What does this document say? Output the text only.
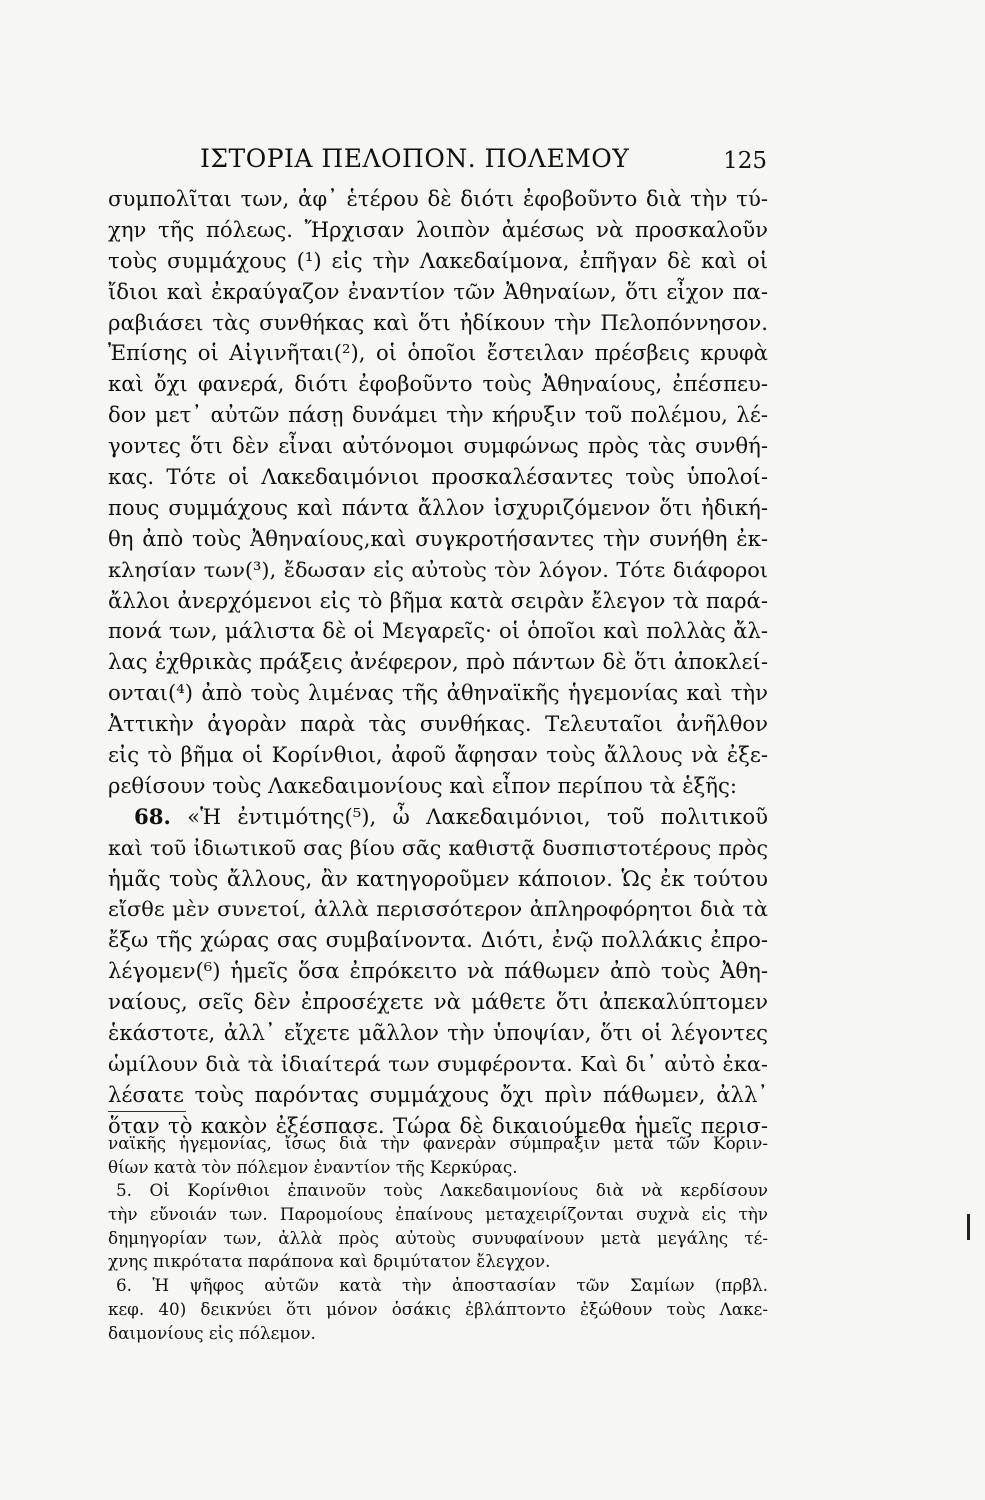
ΙΣΤΟΡΙΑ ΠΕΛΟΠΟΝ. ΠΟΛΕΜΟΥ	125
συμπολῖται των, ἀφ᾽ ἑτέρου δὲ διότι ἐφοβοῦντο διὰ τὴν τύ-
χην τῆς πόλεως. Ἤρχισαν λοιπὸν ἀμέσως νὰ προσκαλοῦν
τοὺς συμμάχους (¹) εἰς τὴν Λακεδαίμονα, ἐπῆγαν δὲ καὶ οἱ
ἴδιοι καὶ ἐκραύγαζον ἐναντίον τῶν Ἀθηναίων, ὅτι εἶχον πα-
ραβιάσει τὰς συνθήκας καὶ ὅτι ἠδίκουν τὴν Πελοπόννησον.
Ἐπίσης οἱ Αἰγινῆται(²), οἱ ὁποῖοι ἔστειλαν πρέσβεις κρυφὰ
καὶ ὄχι φανερά, διότι ἐφοβοῦντο τοὺς Ἀθηναίους, ἐπέσπευ-
δον μετ᾽ αὐτῶν πάσῃ δυνάμει τὴν κήρυξιν τοῦ πολέμου, λέ-
γοντες ὅτι δὲν εἶναι αὐτόνομοι συμφώνως πρὸς τὰς συνθή-
κας. Τότε οἱ Λακεδαιμόνιοι προσκαλέσαντες τοὺς ὑπολοί-
πους συμμάχους καὶ πάντα ἄλλον ἰσχυριζόμενον ὅτι ἠδική-
θη ἀπὸ τοὺς Ἀθηναίους,καὶ συγκροτήσαντες τὴν συνήθη ἐκ-
κλησίαν των(³), ἔδωσαν εἰς αὐτοὺς τὸν λόγον. Τότε διάφοροι
ἄλλοι ἀνερχόμενοι εἰς τὸ βῆμα κατὰ σειρὰν ἔλεγον τὰ παρά-
πονά των, μάλιστα δὲ οἱ Μεγαρεῖς· οἱ ὁποῖοι καὶ πολλὰς ἄλ-
λας ἐχθρικὰς πράξεις ἀνέφερον, πρὸ πάντων δὲ ὅτι ἀποκλεί-
ονται(⁴) ἀπὸ τοὺς λιμένας τῆς ἀθηναϊκῆς ἡγεμονίας καὶ τὴν
Ἀττικὴν ἀγορὰν παρὰ τὰς συνθήκας. Τελευταῖοι ἀνῆλθον
εἰς τὸ βῆμα οἱ Κορίνθιοι, ἀφοῦ ἄφησαν τοὺς ἄλλους νὰ ἐξε-
ρεθίσουν τοὺς Λακεδαιμονίους καὶ εἶπον περίπου τὰ ἑξῆς:
68. «Ἡ ἐντιμότης(⁵), ὦ Λακεδαιμόνιοι, τοῦ πολιτικοῦ
καὶ τοῦ ἰδιωτικοῦ σας βίου σᾶς καθιστᾷ δυσπιστοτέρους πρὸς
ἡμᾶς τοὺς ἄλλους, ἂν κατηγοροῦμεν κάποιον. Ὡς ἐκ τούτου
εἴσθε μὲν συνετοί, ἀλλὰ περισσότερον ἀπληροφόρητοι διὰ τὰ
ἔξω τῆς χώρας σας συμβαίνοντα. Διότι, ἐνῷ πολλάκις ἐπρο-
λέγομεν(⁶) ἡμεῖς ὅσα ἐπρόκειτο νὰ πάθωμεν ἀπὸ τοὺς Ἀθη-
ναίους, σεῖς δὲν ἐπροσέχετε νὰ μάθετε ὅτι ἀπεκαλύπτομεν
ἑκάστοτε, ἀλλ᾽ εἴχετε μᾶλλον τὴν ὑποψίαν, ὅτι οἱ λέγοντες
ὡμίλουν διὰ τὰ ἰδιαίτερά των συμφέροντα. Καὶ δι᾽ αὐτὸ ἐκα-
λέσατε τοὺς παρόντας συμμάχους ὄχι πρὶν πάθωμεν, ἀλλ᾽
ὅταν τὸ κακὸν ἐξέσπασε. Τώρα δὲ δικαιούμεθα ἡμεῖς περισ-
ναϊκῆς ἡγεμονίας, ἴσως διὰ τὴν φανερὰν σύμπραξιν μετὰ τῶν Κοριν-
θίων κατὰ τὸν πόλεμον ἐναντίον τῆς Κερκύρας.
5. Οἱ Κορίνθιοι ἐπαινοῦν τοὺς Λακεδαιμονίους διὰ νὰ κερδίσουν
τὴν εὔνοιάν των. Παρομοίους ἐπαίνους μεταχειρίζονται συχνὰ εἰς τὴν
δημηγορίαν των, ἀλλὰ πρὸς αὐτοὺς συνυφαίνουν μετὰ μεγάλης τέ-
χνης πικρότατα παράπονα καὶ δριμύτατον ἔλεγχον.
6. Ἡ ψῆφος αὐτῶν κατὰ τὴν ἀποστασίαν τῶν Σαμίων (πρβλ.
κεφ. 40) δεικνύει ὅτι μόνον ὁσάκις ἐβλάπτοντο ἐξώθουν τοὺς Λακε-
δαιμονίους εἰς πόλεμον.
